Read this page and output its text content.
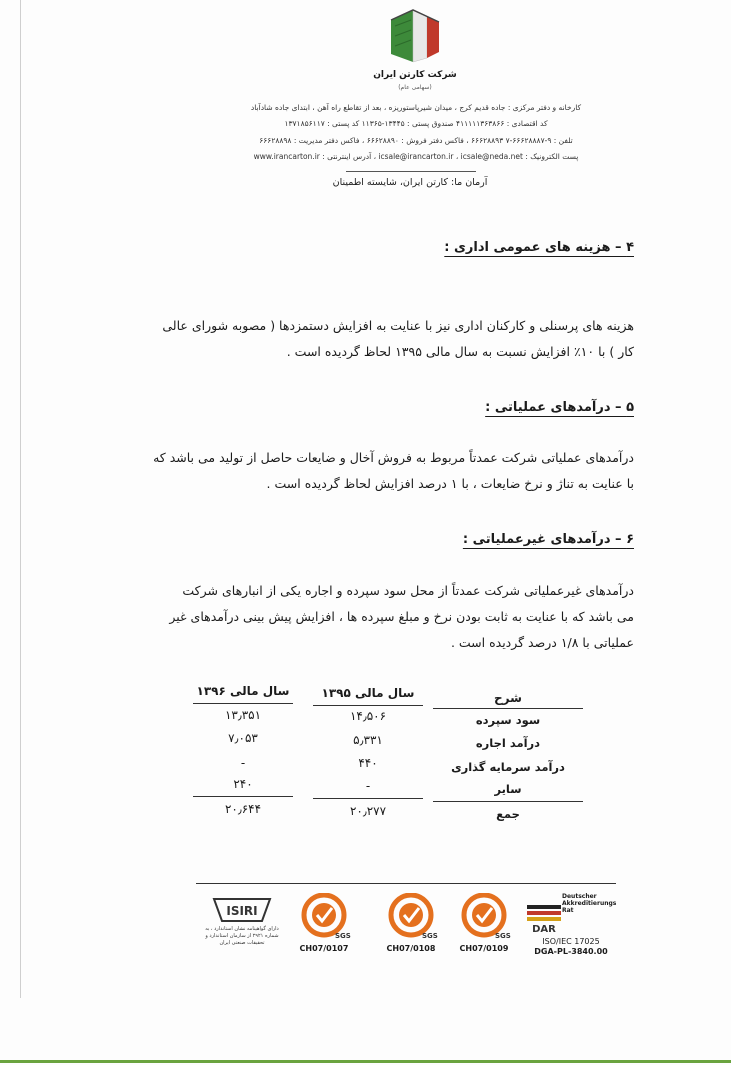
شرکت کارتن ایران
(سهامی عام)
کارخانه و دفتر مرکزی : جاده قدیم کرج ، میدان شیرپاستوریزه ، بعد از تقاطع راه آهن ، ابتدای جاده شادآباد
کد اقتصادی : ۴۱۱۱۱۱۳۶۳۸۶۶ صندوق پستی : ۱۳۴۴۵-۱۱۳۶۵ کد پستی : ۱۳۷۱۸۵۶۱۱۷
تلفن : ۹-۶۶۶۲۸۸۸۷-۷ ۶۶۶۲۸۸۹۳ ، فاکس دفتر فروش : ۶۶۶۲۸۸۹۰ ، فاکس دفتر مدیریت : ۶۶۶۲۸۸۹۸
پست الکترونیک : icsale@irancarton.ir ، icsale@neda.net ، آدرس اینترنتی : www.irancarton.ir
آرمان ما: کارتن ایران، شایسته اطمینان
۴ – هزینه های عمومی اداری :
هزینه های پرسنلی و کارکنان اداری نیز با عنایت به افزایش دستمزدها ( مصوبه شورای عالی
کار ) با ۱۰٪ افزایش نسبت به سال مالی ۱۳۹۵ لحاظ گردیده است .
۵ – درآمدهای عملیاتی :
درآمدهای عملیاتی شرکت عمدتاً مربوط به فروش آخال و ضایعات حاصل از تولید می باشد که
با عنایت به تناژ و نرخ ضایعات ، با ۱ درصد افزایش لحاظ گردیده است .
۶ – درآمدهای غیرعملیاتی :
درآمدهای غیرعملیاتی شرکت عمدتاً از محل سود سپرده و اجاره یکی از انبارهای شرکت
می باشد که با عنایت به ثابت بودن نرخ و مبلغ سپرده ها ، افزایش پیش بینی درآمدهای غیر
عملیاتی با ۱/۸ درصد گردیده است .
شرح
سال مالی ۱۳۹۵
سال مالی ۱۳۹۶
سود سپرده
۱۴٫۵۰۶
۱۳٫۳۵۱
درآمد اجاره
۵٫۳۳۱
۷٫۰۵۳
درآمد سرمایه گذاری
۴۴۰
-
سایر
-
۲۴۰
جمع
۲۰٫۲۷۷
۲۰٫۶۴۴
ISIRI
دارای گواهینامه نشان استاندارد ، به شماره ۲۹۲۱ از سازمان استاندارد و تحقیقات صنعتی ایران
SGS
CH07/0107
SGS
CH07/0108
SGS
CH07/0109
DAR
Deutscher
Akkreditierungs
Rat
ISO/IEC 17025
DGA-PL-3840.00
